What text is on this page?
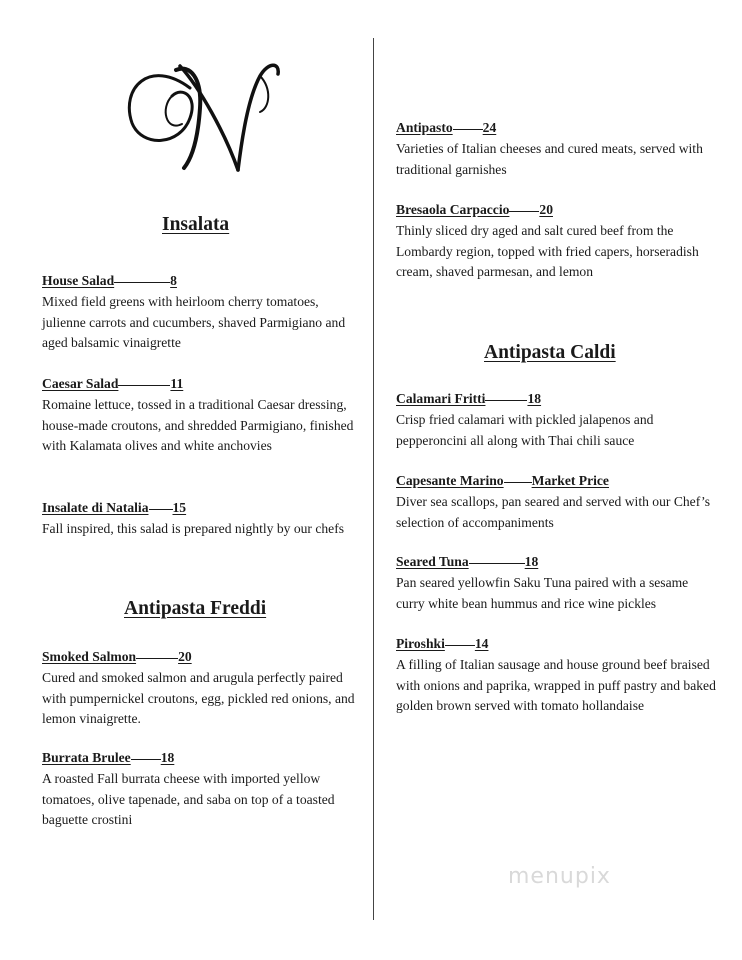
Insalata
House Salad	8
Mixed field greens with heirloom cherry tomatoes, julienne carrots and cucumbers, shaved Parmigiano and aged balsamic vinaigrette
Caesar Salad	11
Romaine lettuce, tossed in a traditional Caesar dressing, house-made croutons, and shredded Parmigiano, finished with Kalamata olives and white anchovies
Insalate di Natalia 15
Fall inspired, this salad is prepared nightly by our chefs
Antipasta Freddi
Smoked Salmon	20
Cured and smoked salmon and arugula perfectly paired with pumpernickel croutons, egg, pickled red onions, and lemon vinaigrette.
Burrata Brulee 18
A roasted Fall burrata cheese with imported yellow tomatoes, olive tapenade, and saba on top of a toasted baguette crostini
Antipasto 24
Varieties of Italian cheeses and cured meats, served with traditional garnishes
Bresaola Carpaccio 20
Thinly sliced dry aged and salt cured beef from the Lombardy region, topped with fried capers, horseradish cream, shaved parmesan, and lemon
Antipasta Caldi
Calamari Fritti	18
Crisp fried calamari with pickled jalapenos and pepperoncini all along with Thai chili sauce
Capesante Marino Market Price
Diver sea scallops, pan seared and served with our Chef’s selection of accompaniments
Seared Tuna	18
Pan seared yellowfin Saku Tuna paired with a sesame curry white bean hummus and rice wine pickles
Piroshki 14
A filling of Italian sausage and house ground beef braised with onions and paprika, wrapped in puff pastry and baked golden brown served with tomato hollandaise
menupix
